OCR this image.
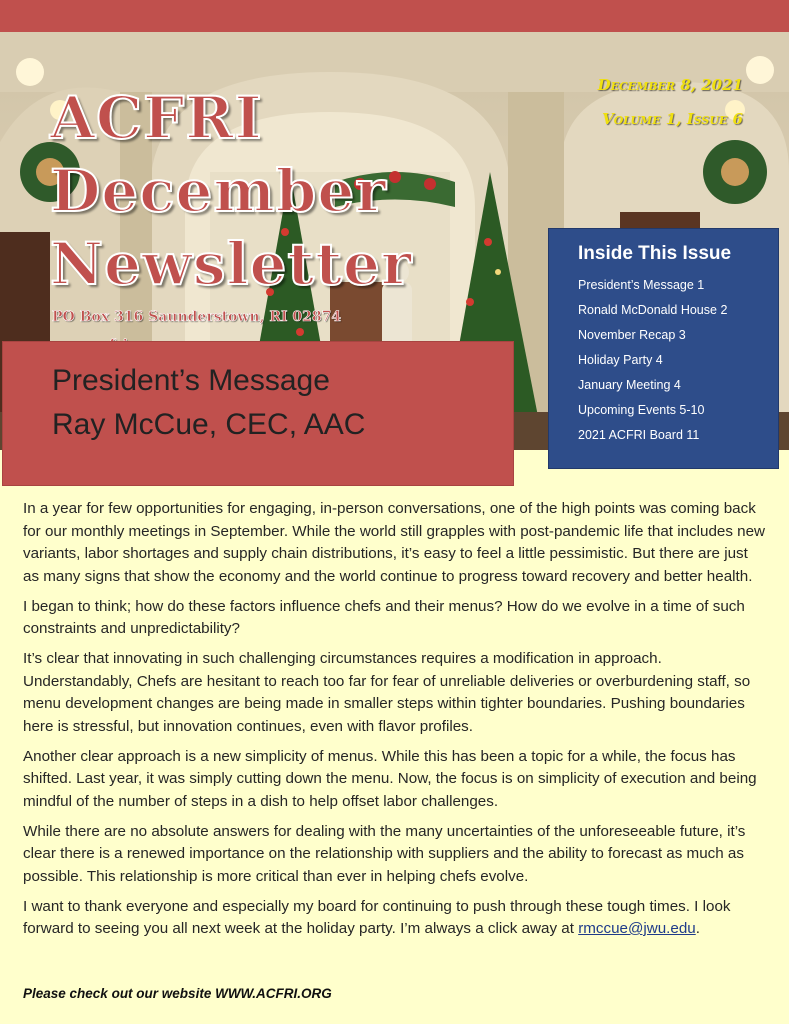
ACFRI
December
Newsletter
PO Box 316 Saunderstown, RI 02874
December 8, 2021
Volume 1, Issue 6
Inside This Issue
President’s Message 1
Ronald McDonald House 2
November Recap 3
Holiday Party 4
January Meeting 4
Upcoming Events 5-10
2021 ACFRI Board 11
President’s Message
Ray McCue, CEC, AAC

In a year for few opportunities for engaging, in-person conversations, one of the high points was coming back for our monthly meetings in September. While the world still grapples with post-pandemic life that includes new variants, labor shortages and supply chain distributions, it’s easy to feel a little pessimistic. But there are just as many signs that show the economy and the world continue to progress toward recovery and better health.

I began to think; how do these factors influence chefs and their menus? How do we evolve in a time of such constraints and unpredictability?

It’s clear that innovating in such challenging circumstances requires a modification in approach. Understandably, Chefs are hesitant to reach too far for fear of unreliable deliveries or overburdening staff, so menu development changes are being made in smaller steps within tighter boundaries. Pushing boundaries here is stressful, but innovation continues, even with flavor profiles.

Another clear approach is a new simplicity of menus. While this has been a topic for a while, the focus has shifted. Last year, it was simply cutting down the menu. Now, the focus is on simplicity of execution and being mindful of the number of steps in a dish to help offset labor challenges.

While there are no absolute answers for dealing with the many uncertainties of the unforeseeable future, it’s clear there is a renewed importance on the relationship with suppliers and the ability to forecast as much as possible. This relationship is more critical than ever in helping chefs evolve.

I want to thank everyone and especially my board for continuing to push through these tough times. I look forward to seeing you all next week at the holiday party. I’m always a click away at rmccue@jwu.edu.

Please check out our website WWW.ACFRI.ORG
